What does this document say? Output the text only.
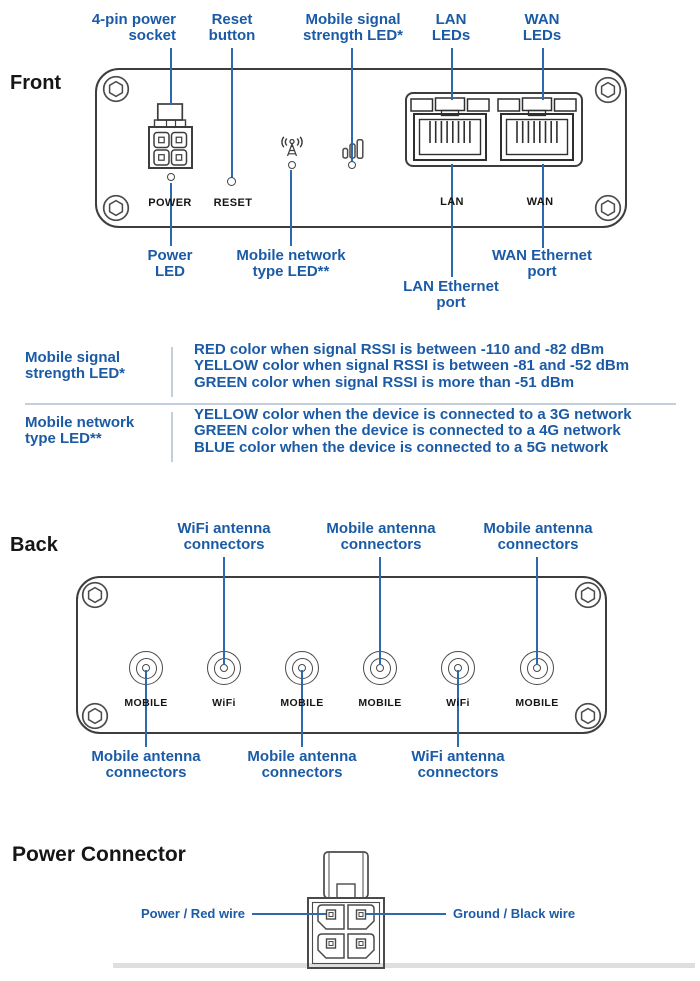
Front
POWER	RESET	LAN	WAN
4-pin power
socket
Reset
button
Mobile signal
strength LED*
LAN
LEDs
WAN
LEDs
Power
LED
Mobile network
type LED**
LAN Ethernet
port
WAN Ethernet
port
Mobile signal
strength LED*
RED color when signal RSSI is between -110 and -82 dBm
YELLOW color when signal RSSI is between -81 and -52 dBm
GREEN color when signal RSSI is more than -51 dBm
Mobile network
type LED**
YELLOW color when the device is connected to a 3G network
GREEN color when the device is connected to a 4G network
BLUE color when the device is connected to a 5G network
Back
WiFi antenna
connectors
Mobile antenna
connectors
Mobile antenna
connectors
MOBILE	WiFi	MOBILE	MOBILE	WiFi	MOBILE
Mobile antenna
connectors
Mobile antenna
connectors
WiFi antenna
connectors
Power Connector
Power / Red wire	Ground / Black wire
